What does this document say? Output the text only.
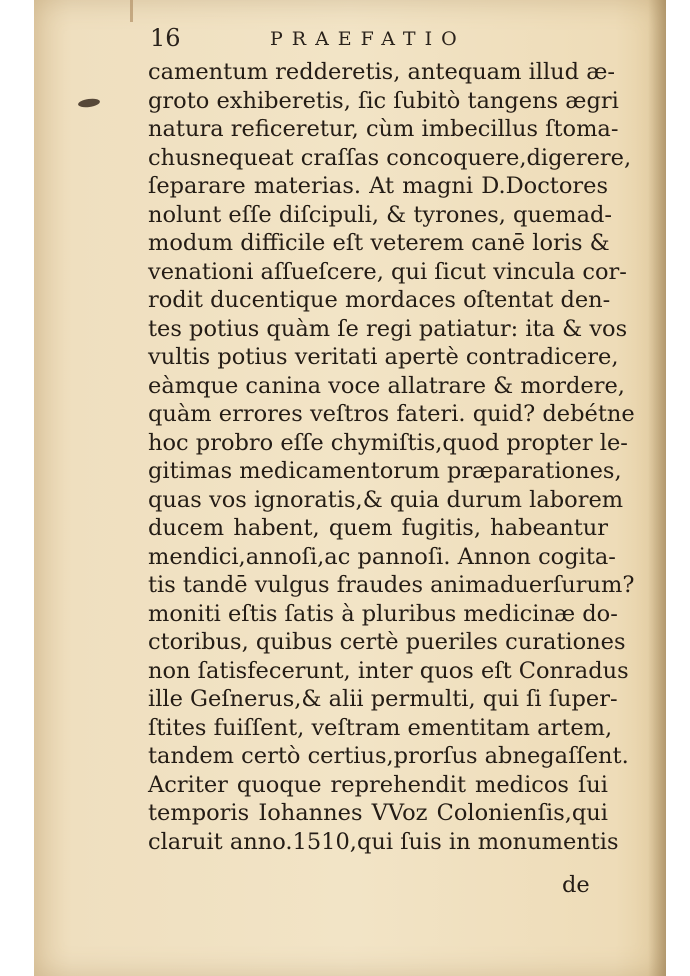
16	PRAEFATIO
camentum redderetis, antequam illud æ-
groto exhiberetis, ſic ſubitò tangens ægri
natura reficeretur, cùm imbecillus ſtoma-
chusnequeat craſſas concoquere,digerere,
ſeparare materias. At magni D.Doctores
nolunt eſſe diſcipuli, & tyrones, quemad-
modum difficile eſt veterem canē loris &
venationi aſſueſcere, qui ſicut vincula cor-
rodit ducentique mordaces oſtentat den-
tes potius quàm ſe regi patiatur: ita & vos
vultis potius veritati apertè contradicere,
eàmque canina voce allatrare & mordere,
quàm errores veſtros fateri. quid? debétne
hoc probro eſſe chymiſtis,quod propter le-
gitimas medicamentorum præparationes,
quas vos ignoratis,& quia durum laborem
ducem habent, quem fugitis, habeantur
mendici,annoſi,ac pannoſi. Annon cogita-
tis tandē vulgus fraudes animaduerſurum?
moniti eſtis ſatis à pluribus medicinæ do-
ctoribus, quibus certè pueriles curationes
non ſatisfecerunt, inter quos eſt Conradus
ille Geſnerus,& alii permulti, qui ſi ſuper-
ſtites fuiſſent, veſtram ementitam artem,
tandem certò certius,prorſus abnegaſſent.
Acriter quoque reprehendit medicos ſui
temporis Iohannes VVoz Colonienſis,qui
claruit anno.1510,qui ſuis in monumentis
de
